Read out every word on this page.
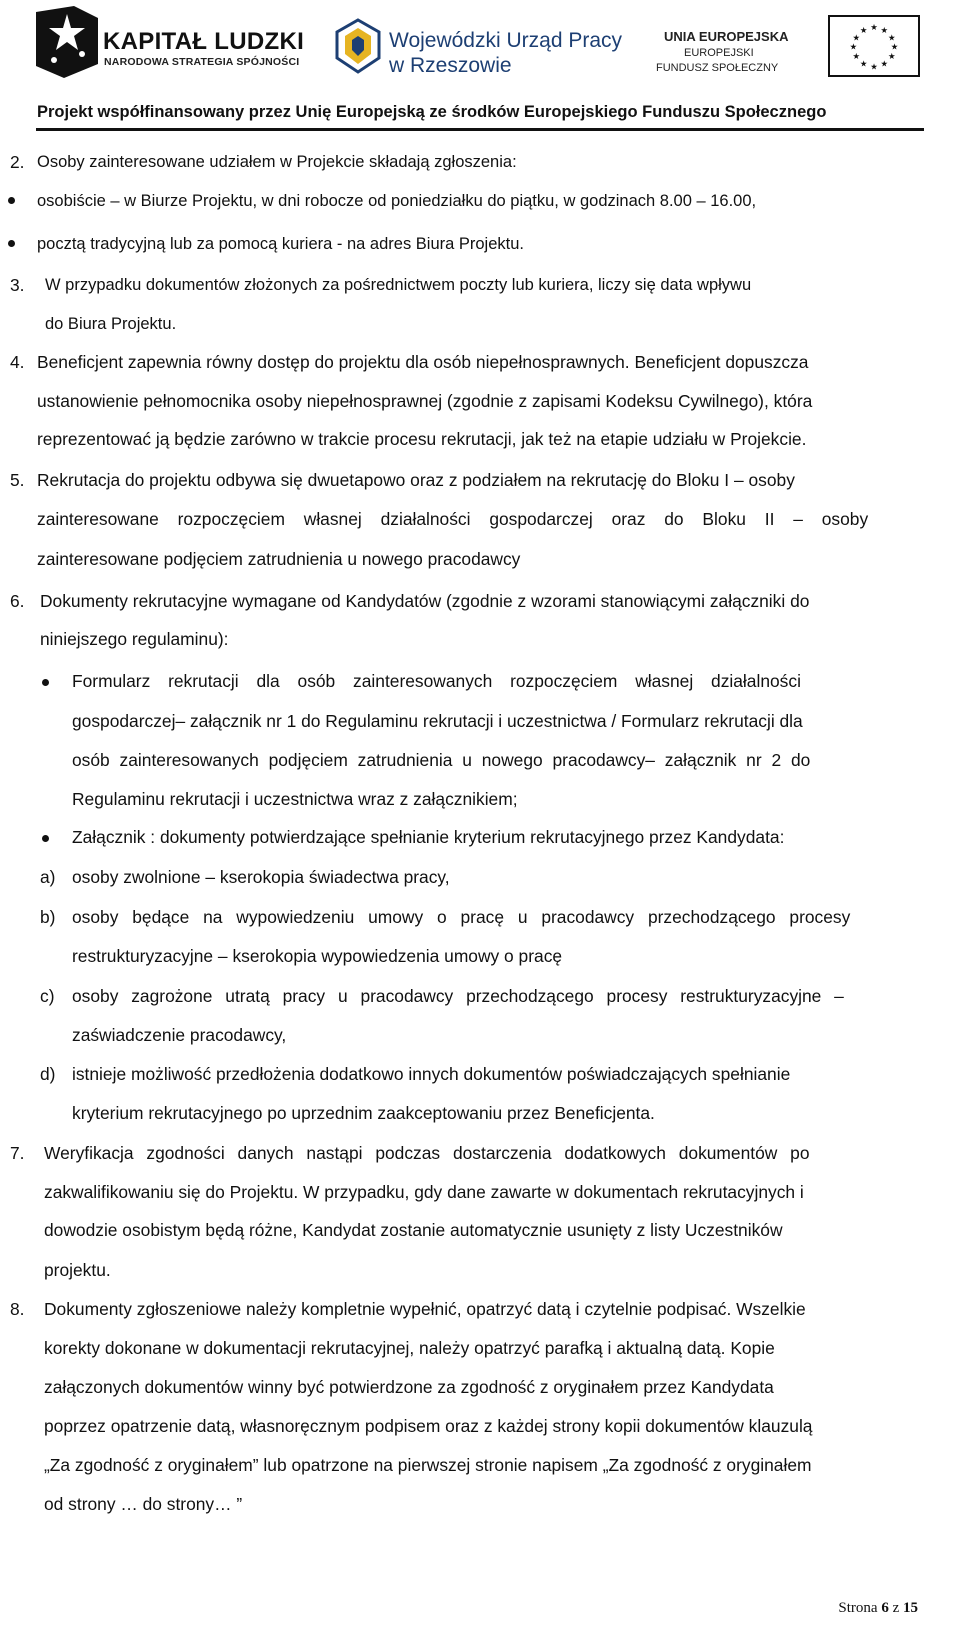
KAPITAŁ LUDZKI
NARODOWA STRATEGIA SPÓJNOŚCI
Wojewódzki Urząd Pracy
w Rzeszowie
UNIA EUROPEJSKA
EUROPEJSKI
FUNDUSZ SPOŁECZNY
★ ★
★
★
★
★
★
★
★
★
★
★
Projekt współfinansowany przez Unię Europejską ze środków Europejskiego Funduszu Społecznego
2. Osoby zainteresowane udziałem w Projekcie składają zgłoszenia:
osobiście – w Biurze Projektu, w dni robocze od poniedziałku do piątku, w godzinach 8.00 – 16.00,
pocztą tradycyjną lub za pomocą kuriera - na adres Biura Projektu.
3. W przypadku dokumentów złożonych za pośrednictwem poczty lub kuriera, liczy się data wpływu
do Biura Projektu.
4. Beneficjent zapewnia równy dostęp do projektu dla osób niepełnosprawnych. Beneficjent dopuszcza
ustanowienie pełnomocnika osoby niepełnosprawnej (zgodnie z zapisami Kodeksu Cywilnego), która
reprezentować ją będzie zarówno w trakcie procesu rekrutacji, jak też na etapie udziału w Projekcie.
5. Rekrutacja do projektu odbywa się dwuetapowo oraz z podziałem na rekrutację do Bloku I – osoby
zainteresowane rozpoczęciem własnej działalności gospodarczej oraz do Bloku II – osoby
zainteresowane podjęciem zatrudnienia u nowego pracodawcy
6. Dokumenty rekrutacyjne wymagane od Kandydatów (zgodnie z wzorami stanowiącymi załączniki do
niniejszego regulaminu):
Formularz rekrutacji dla osób zainteresowanych rozpoczęciem własnej działalności
gospodarczej– załącznik nr 1 do Regulaminu rekrutacji i uczestnictwa / Formularz rekrutacji dla
osób zainteresowanych podjęciem zatrudnienia u nowego pracodawcy– załącznik nr 2 do
Regulaminu rekrutacji i uczestnictwa wraz z załącznikiem;
Załącznik : dokumenty potwierdzające spełnianie kryterium rekrutacyjnego przez Kandydata:
a) osoby zwolnione – kserokopia świadectwa pracy,
b) osoby będące na wypowiedzeniu umowy o pracę u pracodawcy przechodzącego procesy
restrukturyzacyjne – kserokopia wypowiedzenia umowy o pracę
c) osoby zagrożone utratą pracy u pracodawcy przechodzącego procesy restrukturyzacyjne –
zaświadczenie pracodawcy,
d) istnieje możliwość przedłożenia dodatkowo innych dokumentów poświadczających spełnianie
kryterium rekrutacyjnego po uprzednim zaakceptowaniu przez Beneficjenta.
7. Weryfikacja zgodności danych nastąpi podczas dostarczenia dodatkowych dokumentów po
zakwalifikowaniu się do Projektu. W przypadku, gdy dane zawarte w dokumentach rekrutacyjnych i
dowodzie osobistym będą różne, Kandydat zostanie automatycznie usunięty z listy Uczestników
projektu.
8. Dokumenty zgłoszeniowe należy kompletnie wypełnić, opatrzyć datą i czytelnie podpisać. Wszelkie
korekty dokonane w dokumentacji rekrutacyjnej, należy opatrzyć parafką i aktualną datą. Kopie
załączonych dokumentów winny być potwierdzone za zgodność z oryginałem przez Kandydata
poprzez opatrzenie datą, własnoręcznym podpisem oraz z każdej strony kopii dokumentów klauzulą
„Za zgodność z oryginałem” lub opatrzone na pierwszej stronie napisem „Za zgodność z oryginałem
od strony … do strony… ”
Strona 6 z 15
